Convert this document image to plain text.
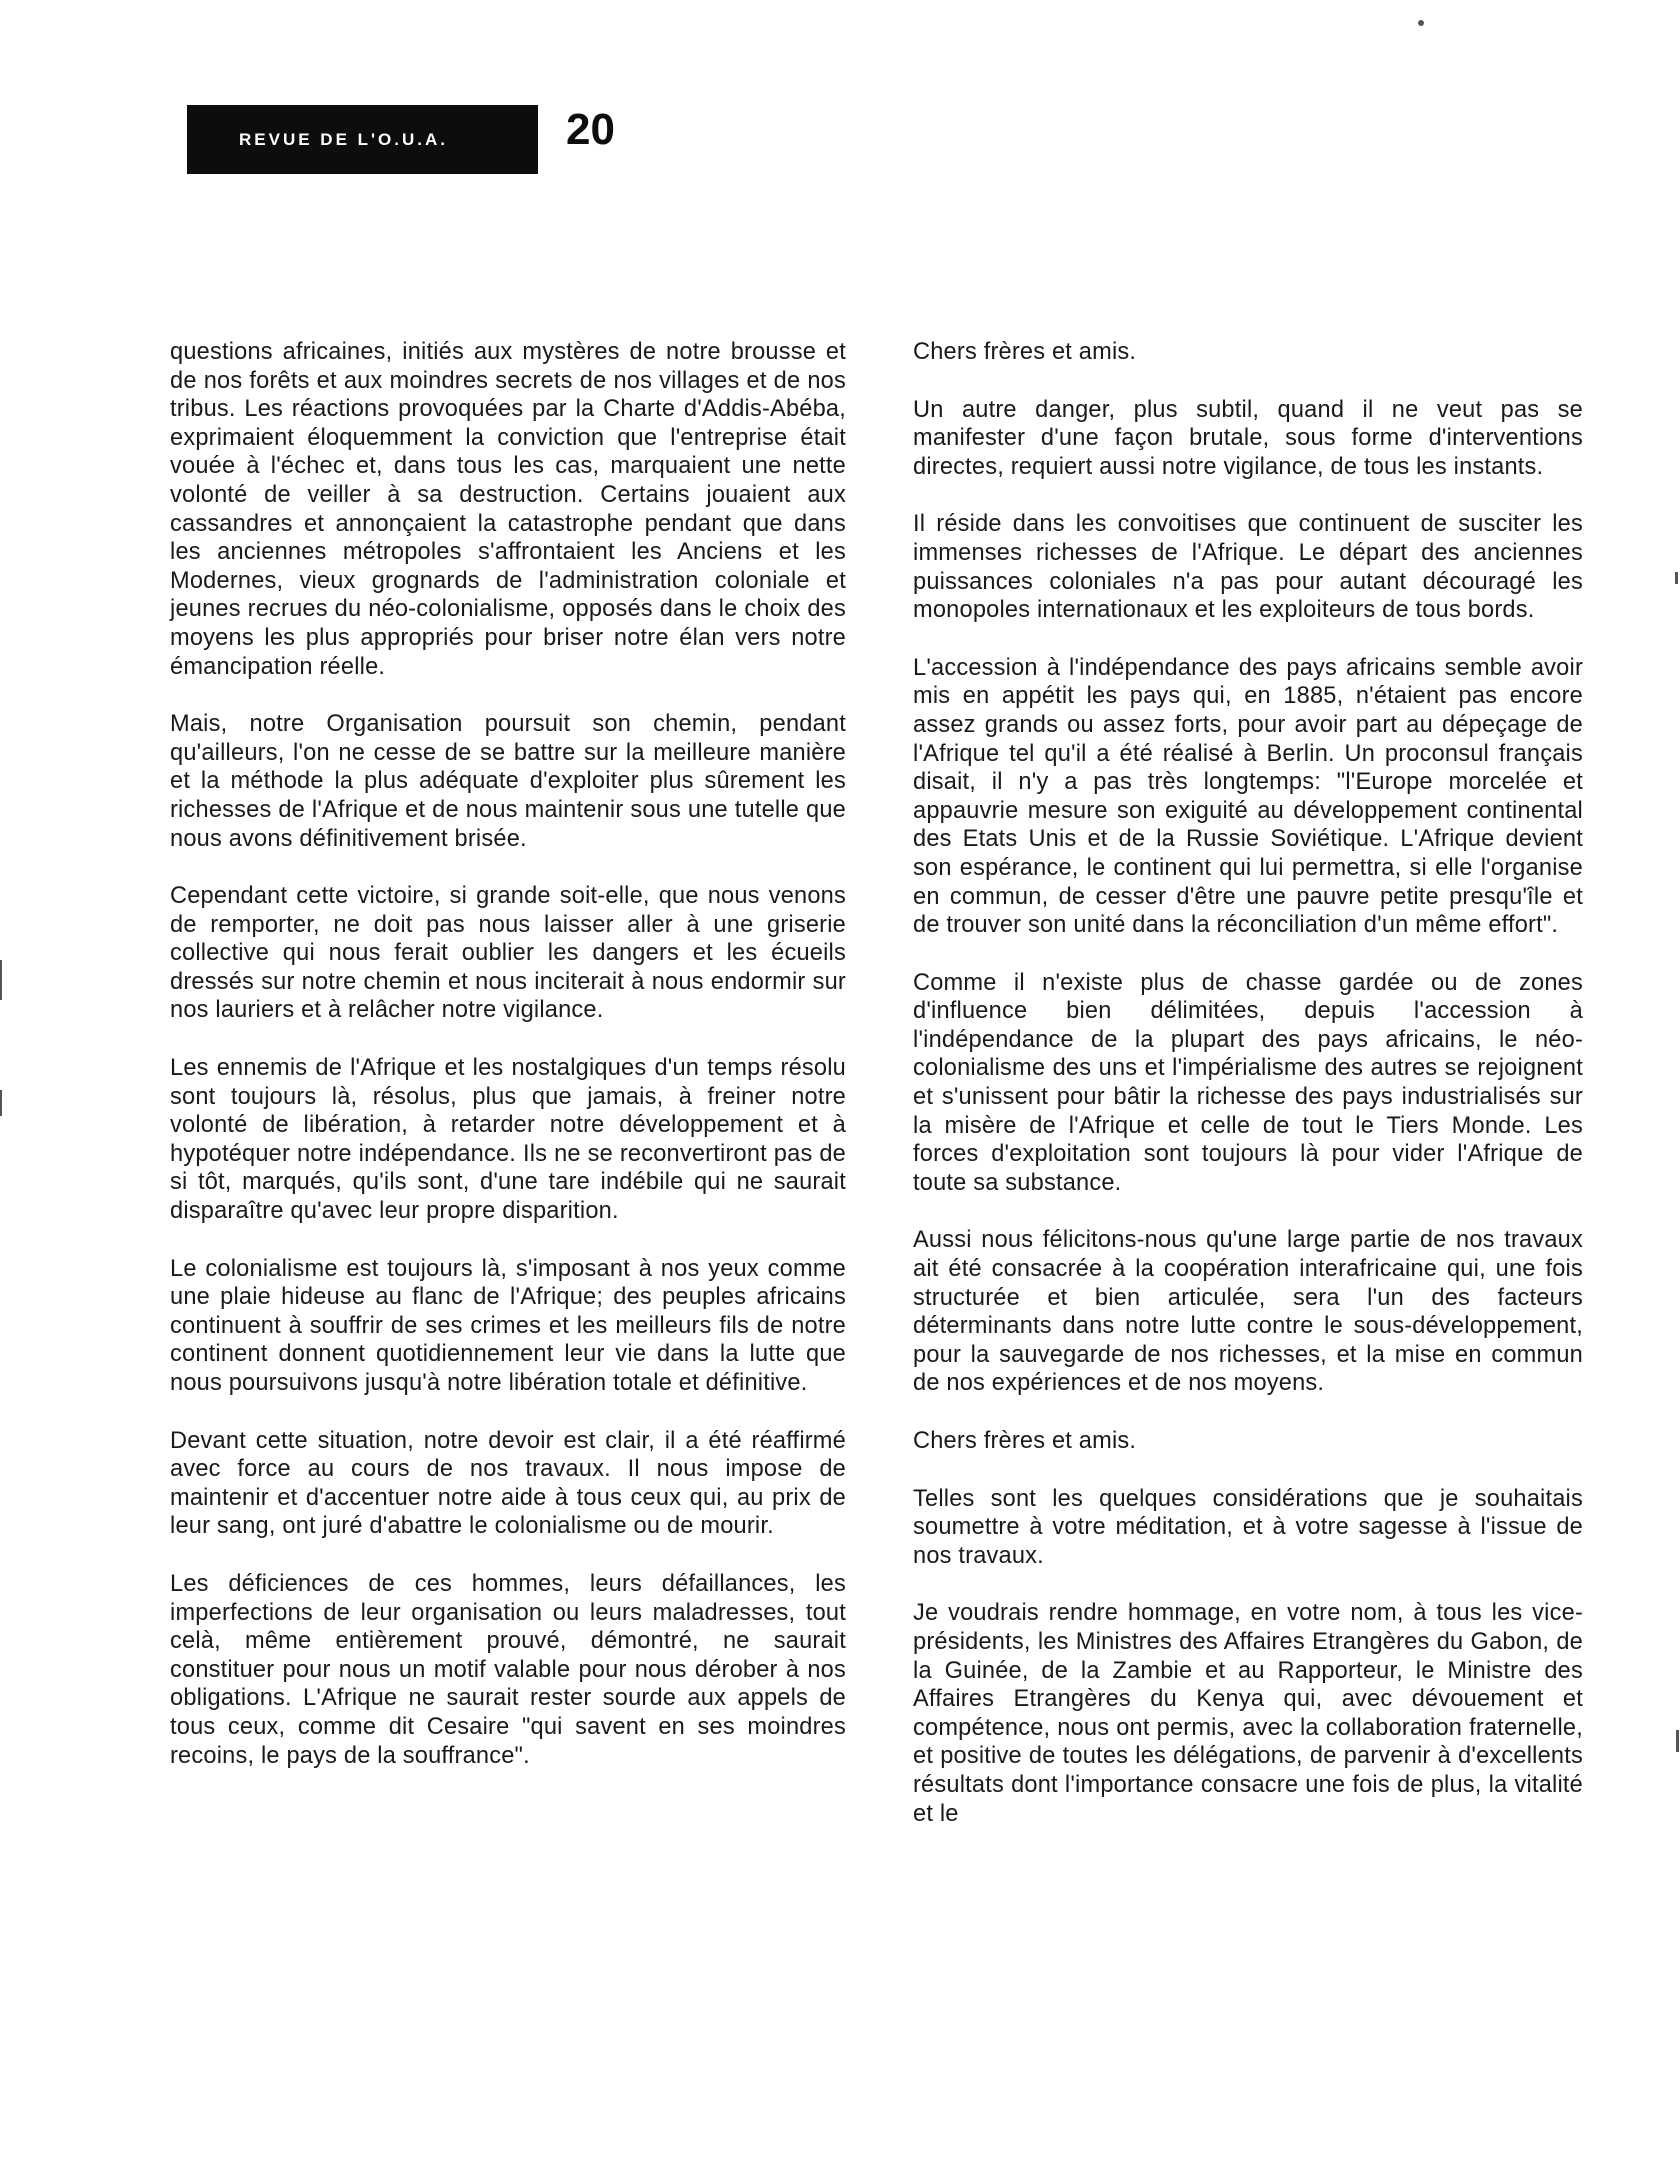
REVUE DE L'O.U.A.	20

questions africaines, initiés aux mystères de notre brousse et de nos forêts et aux moindres secrets de nos villages et de nos tribus. Les réactions provoquées par la Charte d'Addis-Abéba, exprimaient éloquemment la conviction que l'entreprise était vouée à l'échec et, dans tous les cas, marquaient une nette volonté de veiller à sa destruction. Certains jouaient aux cassandres et annonçaient la catastrophe pendant que dans les anciennes métropoles s'affrontaient les Anciens et les Modernes, vieux grognards de l'administration coloniale et jeunes recrues du néo-colonialisme, opposés dans le choix des moyens les plus appropriés pour briser notre élan vers notre émancipation réelle.

Mais, notre Organisation poursuit son chemin, pendant qu'ailleurs, l'on ne cesse de se battre sur la meilleure manière et la méthode la plus adéquate d'exploiter plus sûrement les richesses de l'Afrique et de nous maintenir sous une tutelle que nous avons définitivement brisée.

Cependant cette victoire, si grande soit-elle, que nous venons de remporter, ne doit pas nous laisser aller à une griserie collective qui nous ferait oublier les dangers et les écueils dressés sur notre chemin et nous inciterait à nous endormir sur nos lauriers et à relâcher notre vigilance.

Les ennemis de l'Afrique et les nostalgiques d'un temps résolu sont toujours là, résolus, plus que jamais, à freiner notre volonté de libération, à retarder notre développement et à hypotéquer notre indépendance. Ils ne se reconvertiront pas de si tôt, marqués, qu'ils sont, d'une tare indébile qui ne saurait disparaître qu'avec leur propre disparition.

Le colonialisme est toujours là, s'imposant à nos yeux comme une plaie hideuse au flanc de l'Afrique; des peuples africains continuent à souffrir de ses crimes et les meilleurs fils de notre continent donnent quotidiennement leur vie dans la lutte que nous poursuivons jusqu'à notre libération totale et définitive.

Devant cette situation, notre devoir est clair, il a été réaffirmé avec force au cours de nos travaux. Il nous impose de maintenir et d'accentuer notre aide à tous ceux qui, au prix de leur sang, ont juré d'abattre le colonialisme ou de mourir.

Les déficiences de ces hommes, leurs défaillances, les imperfections de leur organisation ou leurs maladresses, tout celà, même entièrement prouvé, démontré, ne saurait constituer pour nous un motif valable pour nous dérober à nos obligations. L'Afrique ne saurait rester sourde aux appels de tous ceux, comme dit Cesaire "qui savent en ses moindres recoins, le pays de la souffrance".

Chers frères et amis.

Un autre danger, plus subtil, quand il ne veut pas se manifester d'une façon brutale, sous forme d'interventions directes, requiert aussi notre vigilance, de tous les instants.

Il réside dans les convoitises que continuent de susciter les immenses richesses de l'Afrique. Le départ des anciennes puissances coloniales n'a pas pour autant découragé les monopoles internationaux et les exploiteurs de tous bords.

L'accession à l'indépendance des pays africains semble avoir mis en appétit les pays qui, en 1885, n'étaient pas encore assez grands ou assez forts, pour avoir part au dépeçage de l'Afrique tel qu'il a été réalisé à Berlin. Un proconsul français disait, il n'y a pas très longtemps: "l'Europe morcelée et appauvrie mesure son exiguité au développement continental des Etats Unis et de la Russie Soviétique. L'Afrique devient son espérance, le continent qui lui permettra, si elle l'organise en commun, de cesser d'être une pauvre petite presqu'île et de trouver son unité dans la réconciliation d'un même effort".

Comme il n'existe plus de chasse gardée ou de zones d'influence bien délimitées, depuis l'accession à l'indépendance de la plupart des pays africains, le néo-colonialisme des uns et l'impérialisme des autres se rejoignent et s'unissent pour bâtir la richesse des pays industrialisés sur la misère de l'Afrique et celle de tout le Tiers Monde. Les forces d'exploitation sont toujours là pour vider l'Afrique de toute sa substance.

Aussi nous félicitons-nous qu'une large partie de nos travaux ait été consacrée à la coopération interafricaine qui, une fois structurée et bien articulée, sera l'un des facteurs déterminants dans notre lutte contre le sous-développement, pour la sauvegarde de nos richesses, et la mise en commun de nos expériences et de nos moyens.

Chers frères et amis.

Telles sont les quelques considérations que je souhaitais soumettre à votre méditation, et à votre sagesse à l'issue de nos travaux.

Je voudrais rendre hommage, en votre nom, à tous les vice-présidents, les Ministres des Affaires Etrangères du Gabon, de la Guinée, de la Zambie et au Rapporteur, le Ministre des Affaires Etrangères du Kenya qui, avec dévouement et compétence, nous ont permis, avec la collaboration fraternelle, et positive de toutes les délégations, de parvenir à d'excellents résultats dont l'importance consacre une fois de plus, la vitalité et le
